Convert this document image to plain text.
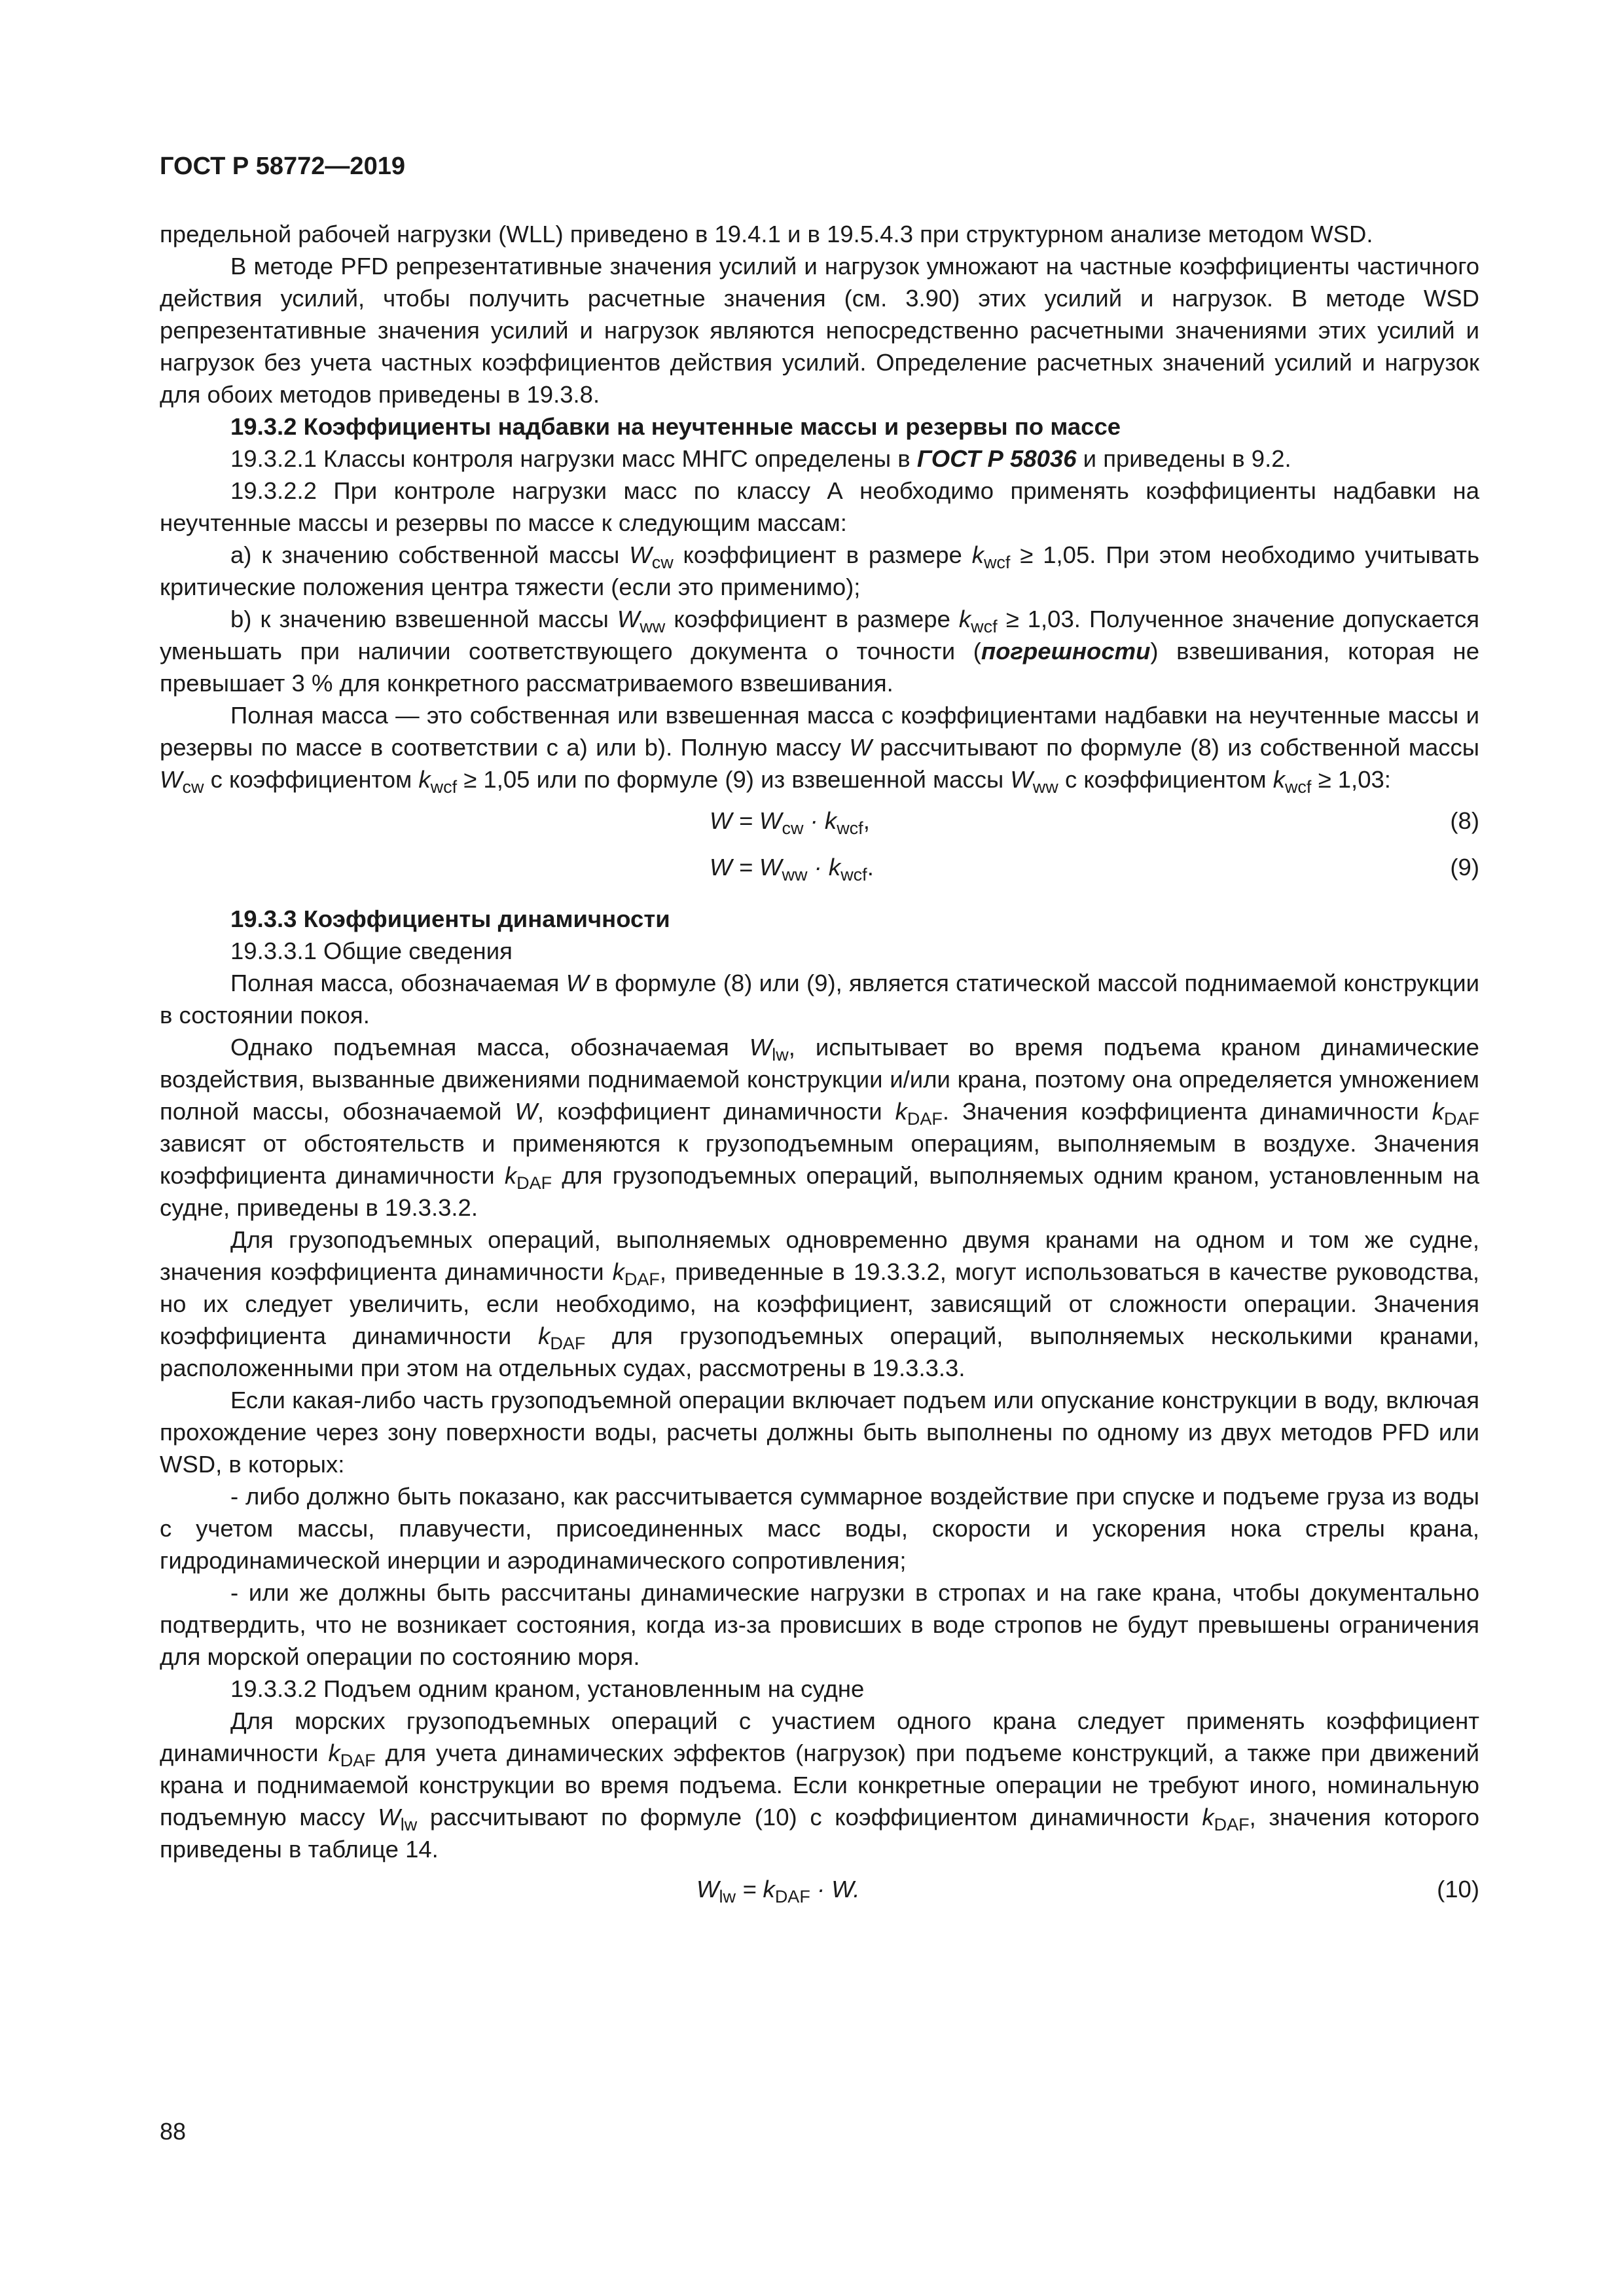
ГОСТ Р 58772—2019

предельной рабочей нагрузки (WLL) приведено в 19.4.1 и в 19.5.4.3 при структурном анализе методом WSD.

В методе PFD репрезентативные значения усилий и нагрузок умножают на частные коэффициенты частичного действия усилий, чтобы получить расчетные значения (см. 3.90) этих усилий и нагрузок. В методе WSD репрезентативные значения усилий и нагрузок являются непосредственно расчетными значениями этих усилий и нагрузок без учета частных коэффициентов действия усилий. Определение расчетных значений усилий и нагрузок для обоих методов приведены в 19.3.8.

19.3.2 Коэффициенты надбавки на неучтенные массы и резервы по массе

19.3.2.1 Классы контроля нагрузки масс МНГС определены в ГОСТ Р 58036 и приведены в 9.2.

19.3.2.2 При контроле нагрузки масс по классу А необходимо применять коэффициенты надбавки на неучтенные массы и резервы по массе к следующим массам:

а) к значению собственной массы $W_{cw}$ коэффициент в размере $k_{wcf} \ge 1,05$. При этом необходимо учитывать критические положения центра тяжести (если это применимо);

b) к значению взвешенной массы $W_{ww}$ коэффициент в размере $k_{wcf} \ge 1,03$. Полученное значение допускается уменьшать при наличии соответствующего документа о точности (погрешности) взвешивания, которая не превышает 3 % для конкретного рассматриваемого взвешивания.

Полная масса — это собственная или взвешенная масса с коэффициентами надбавки на неучтенные массы и резервы по массе в соответствии с а) или b). Полную массу W рассчитывают по формуле (8) из собственной массы $W_{cw}$ с коэффициентом $k_{wcf} \ge 1,05$ или по формуле (9) из взвешенной массы $W_{ww}$ с коэффициентом $k_{wcf} \ge 1,03$:

$W = W_{cw} \cdot k_{wcf}$,	(8)
$W = W_{ww} \cdot k_{wcf}$.	(9)

19.3.3 Коэффициенты динамичности

19.3.3.1 Общие сведения

Полная масса, обозначаемая W в формуле (8) или (9), является статической массой поднимаемой конструкции в состоянии покоя.

Однако подъемная масса, обозначаемая $W_{lw}$, испытывает во время подъема краном динамические воздействия, вызванные движениями поднимаемой конструкции и/или крана, поэтому она определяется умножением полной массы, обозначаемой W, коэффициент динамичности $k_{DAF}$. Значения коэффициента динамичности $k_{DAF}$ зависят от обстоятельств и применяются к грузоподъемным операциям, выполняемым в воздухе. Значения коэффициента динамичности $k_{DAF}$ для грузоподъемных операций, выполняемых одним краном, установленным на судне, приведены в 19.3.3.2.

Для грузоподъемных операций, выполняемых одновременно двумя кранами на одном и том же судне, значения коэффициента динамичности $k_{DAF}$, приведенные в 19.3.3.2, могут использоваться в качестве руководства, но их следует увеличить, если необходимо, на коэффициент, зависящий от сложности операции. Значения коэффициента динамичности $k_{DAF}$ для грузоподъемных операций, выполняемых несколькими кранами, расположенными при этом на отдельных судах, рассмотрены в 19.3.3.3.

Если какая-либо часть грузоподъемной операции включает подъем или опускание конструкции в воду, включая прохождение через зону поверхности воды, расчеты должны быть выполнены по одному из двух методов PFD или WSD, в которых:

- либо должно быть показано, как рассчитывается суммарное воздействие при спуске и подъеме груза из воды с учетом массы, плавучести, присоединенных масс воды, скорости и ускорения нока стрелы крана, гидродинамической инерции и аэродинамического сопротивления;

- или же должны быть рассчитаны динамические нагрузки в стропах и на гаке крана, чтобы документально подтвердить, что не возникает состояния, когда из-за провисших в воде стропов не будут превышены ограничения для морской операции по состоянию моря.

19.3.3.2 Подъем одним краном, установленным на судне

Для морских грузоподъемных операций с участием одного крана следует применять коэффициент динамичности $k_{DAF}$ для учета динамических эффектов (нагрузок) при подъеме конструкций, а также при движений крана и поднимаемой конструкции во время подъема. Если конкретные операции не требуют иного, номинальную подъемную массу $W_{lw}$ рассчитывают по формуле (10) с коэффициентом динамичности $k_{DAF}$, значения которого приведены в таблице 14.

$W_{lw} = k_{DAF} \cdot W$.	(10)
88
